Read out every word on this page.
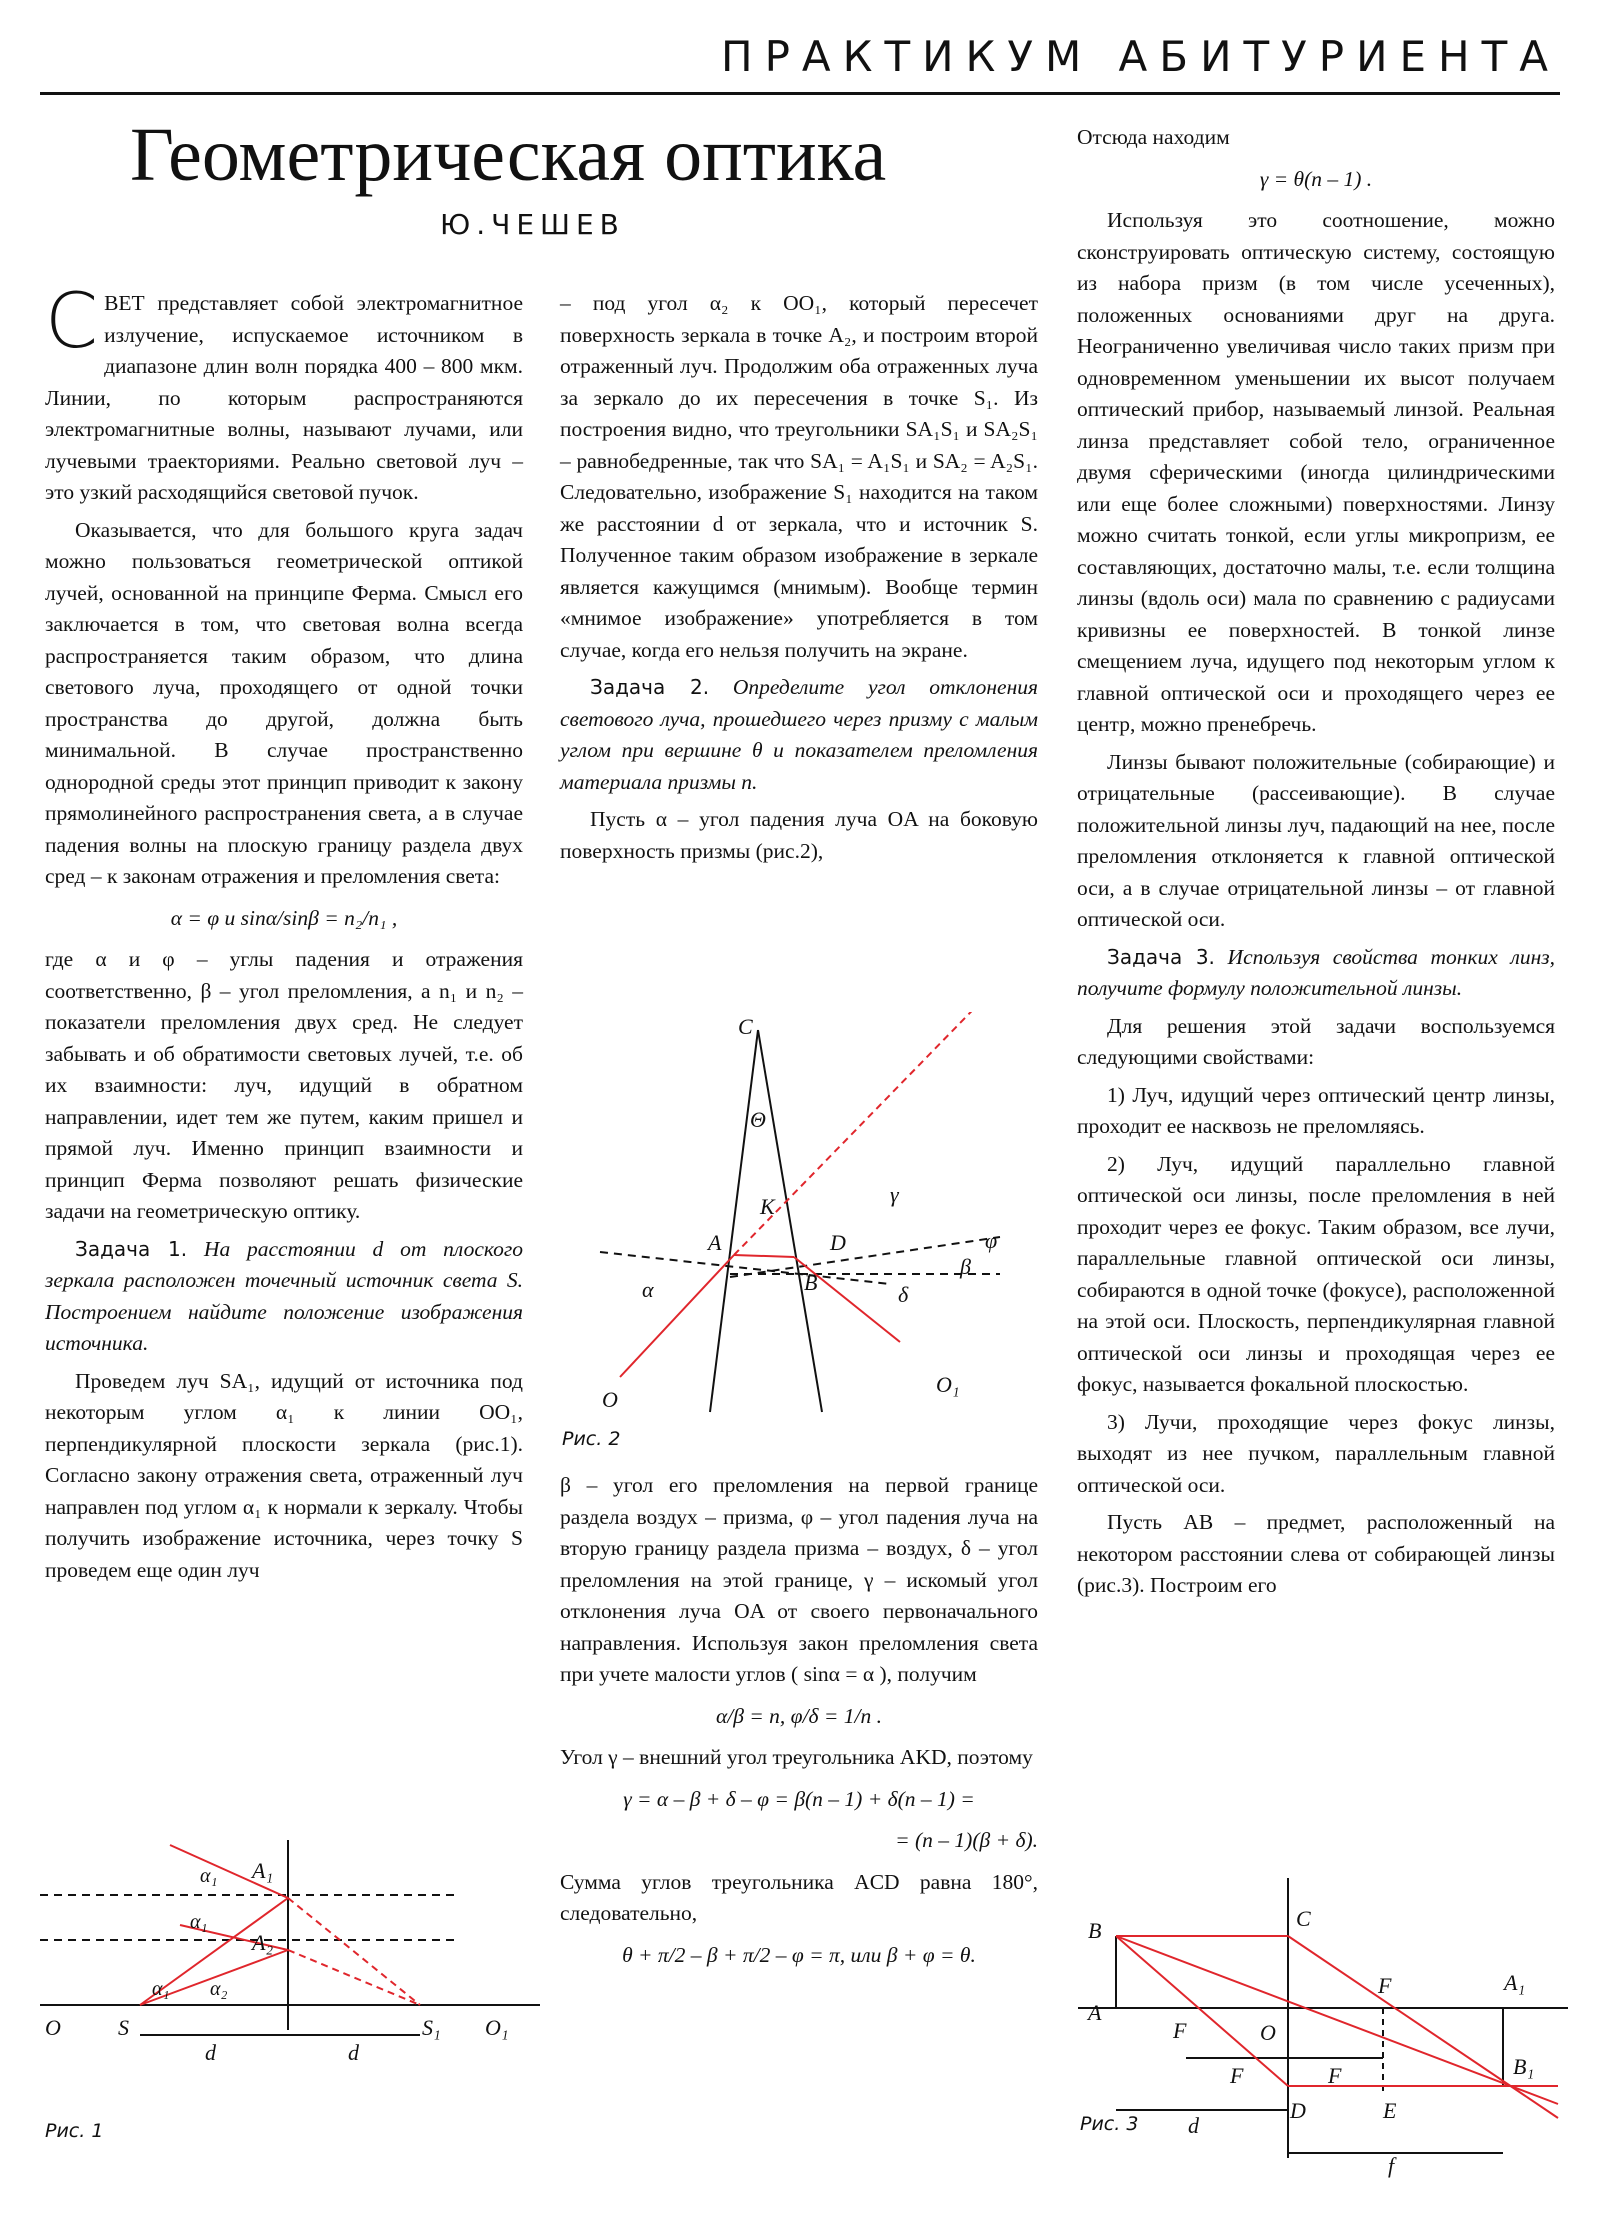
ПРАКТИКУМ АБИТУРИЕНТА
Геометрическая оптика
Ю.ЧЕШЕВ

СВЕТ представляет собой электромагнитное излучение, испускаемое источником в диапазоне длин волн порядка 400 – 800 мкм. Линии, по которым распространяются электромагнитные волны, называют лучами, или лучевыми траекториями. Реально световой луч – это узкий расходящийся световой пучок.

Оказывается, что для большого круга задач можно пользоваться геометрической оптикой лучей, основанной на принципе Ферма. Смысл его заключается в том, что световая волна всегда распространяется таким образом, что длина светового луча, проходящего от одной точки пространства до другой, должна быть минимальной. В случае пространственно однородной среды этот принцип приводит к закону прямолинейного распространения света, а в случае падения волны на плоскую границу раздела двух сред – к законам отражения и преломления света:

α = φ и sinα/sinβ = n₂/n₁ ,

где α и φ – углы падения и отражения соответственно, β – угол преломления, а n₁ и n₂ – показатели преломления двух сред. Не следует забывать и об обратимости световых лучей, т.е. об их взаимности: луч, идущий в обратном направлении, идет тем же путем, каким пришел и прямой луч. Именно принцип взаимности и принцип Ферма позволяют решать физические задачи на геометрическую оптику.

Задача 1. На расстоянии d от плоского зеркала расположен точечный источник света S. Построением найдите положение изображения источника.

Проведем луч SA₁, идущий от источника под некоторым углом α₁ к линии OO₁, перпендикулярной плоскости зеркала (рис.1). Согласно закону отражения света, отраженный луч направлен под углом α₁ к нормали к зеркалу. Чтобы получить изображение источника, через точку S проведем еще один луч

– под угол α₂ к OO₁, который пересечет поверхность зеркала в точке A₂, и построим второй отраженный луч. Продолжим оба отраженных луча за зеркало до их пересечения в точке S₁. Из построения видно, что треугольники SA₁S₁ и SA₂S₁ – равнобедренные, так что SA₁ = A₁S₁ и SA₂ = A₂S₁. Следовательно, изображение S₁ находится на таком же расстоянии d от зеркала, что и источник S. Полученное таким образом изображение в зеркале является кажущимся (мнимым). Вообще термин «мнимое изображение» употребляется в том случае, когда его нельзя получить на экране.

Задача 2. Определите угол отклонения светового луча, прошедшего через призму с малым углом при вершине θ и показателем преломления материала призмы n.

Пусть α – угол падения луча OA на боковую поверхность призмы (рис.2),

β – угол его преломления на первой границе раздела воздух – призма, φ – угол падения луча на вторую границу раздела призма – воздух, δ – угол преломления на этой границе, γ – искомый угол отклонения луча OA от своего первоначального направления. Используя закон преломления света при учете малости углов ( sinα = α ), получим

α/β = n, φ/δ = 1/n .

Угол γ – внешний угол треугольника AKD, поэтому

γ = α – β + δ – φ = β(n – 1) + δ(n – 1) =

= (n – 1)(β + δ).

Сумма углов треугольника ACD равна 180°, следовательно,

θ + π/2 – β + π/2 – φ = π, или β + φ = θ.

Отсюда находим

γ = θ(n – 1) .

Используя это соотношение, можно сконструировать оптическую систему, состоящую из набора призм (в том числе усеченных), положенных основаниями друг на друга. Неограниченно увеличивая число таких призм при одновременном уменьшении их высот получаем оптический прибор, называемый линзой. Реальная линза представляет собой тело, ограниченное двумя сферическими (иногда цилиндрическими или еще более сложными) поверхностями. Линзу можно считать тонкой, если углы микропризм, ее составляющих, достаточно малы, т.е. если толщина линзы (вдоль оси) мала по сравнению с радиусами кривизны ее поверхностей. В тонкой линзе смещением луча, идущего под некоторым углом к главной оптической оси и проходящего через ее центр, можно пренебречь.

Линзы бывают положительные (собирающие) и отрицательные (рассеивающие). В случае положительной линзы луч, падающий на нее, после преломления отклоняется к главной оптической оси, а в случае отрицательной линзы – от главной оптической оси.

Задача 3. Используя свойства тонких линз, получите формулу положительной линзы.

Для решения этой задачи воспользуемся следующими свойствами:

1) Луч, идущий через оптический центр линзы, проходит ее насквозь не преломляясь.

2) Луч, идущий параллельно главной оптической оси линзы, после преломления в ней проходит через ее фокус. Таким образом, все лучи, параллельные главной оптической оси линзы, собираются в одной точке (фокусе), расположенной на этой оси. Плоскость, перпендикулярная главной оптической оси линзы и проходящая через ее фокус, называется фокальной плоскостью.

3) Лучи, проходящие через фокус линзы, выходят из нее пучком, параллельным главной оптической оси.

Пусть AB – предмет, расположенный на некотором расстоянии слева от собирающей линзы (рис.3). Построим его

A₁
A₂
α₁
α₁
α₁ α₂
O	S	S₁ O₁
d	d
Рис. 1
C
Θ
K
A	D
B
α
γ
φ
β
δ
O
O₁
Рис. 2
B	C
A
F	O
F	A₁
B₁
F	F
d
D	E
f
Рис. 3
